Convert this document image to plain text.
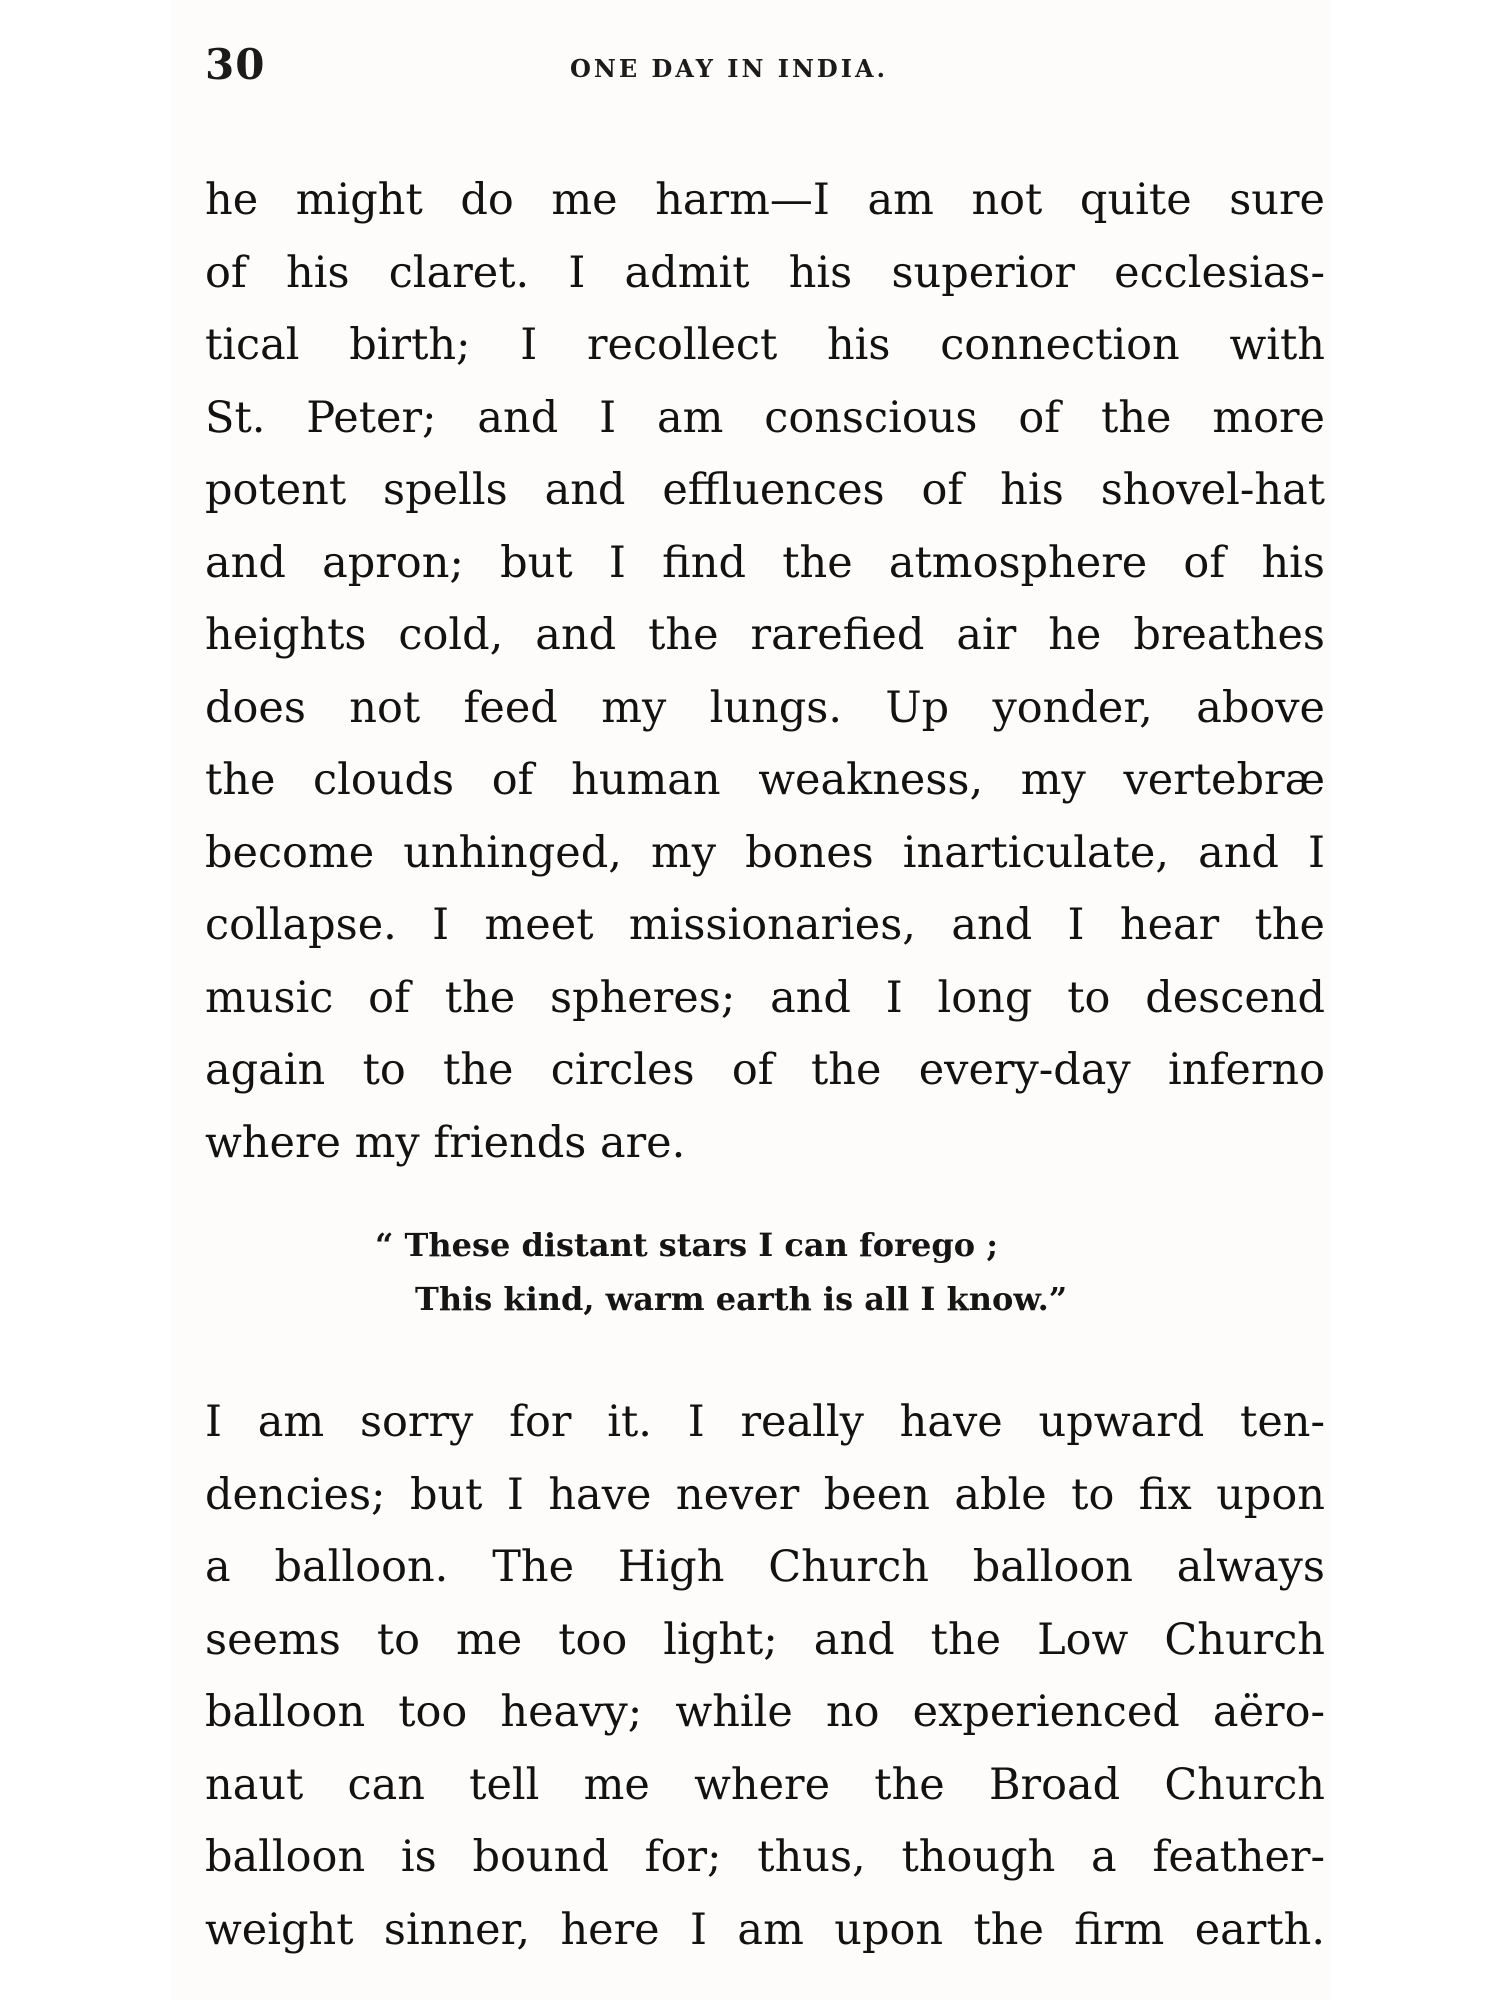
30	ONE DAY IN INDIA.
he might do me harm—I am not quite sure
of his claret. I admit his superior ecclesias-
tical birth; I recollect his connection with
St. Peter; and I am conscious of the more
potent spells and effluences of his shovel-hat
and apron; but I find the atmosphere of his
heights cold, and the rarefied air he breathes
does not feed my lungs. Up yonder, above
the clouds of human weakness, my vertebræ
become unhinged, my bones inarticulate, and I
collapse. I meet missionaries, and I hear the
music of the spheres; and I long to descend
again to the circles of the every-day inferno
where my friends are.
“ These distant stars I can forego ;
This kind, warm earth is all I know.”
I am sorry for it. I really have upward ten-
dencies; but I have never been able to fix upon
a balloon. The High Church balloon always
seems to me too light; and the Low Church
balloon too heavy; while no experienced aëro-
naut can tell me where the Broad Church
balloon is bound for; thus, though a feather-
weight sinner, here I am upon the firm earth.
